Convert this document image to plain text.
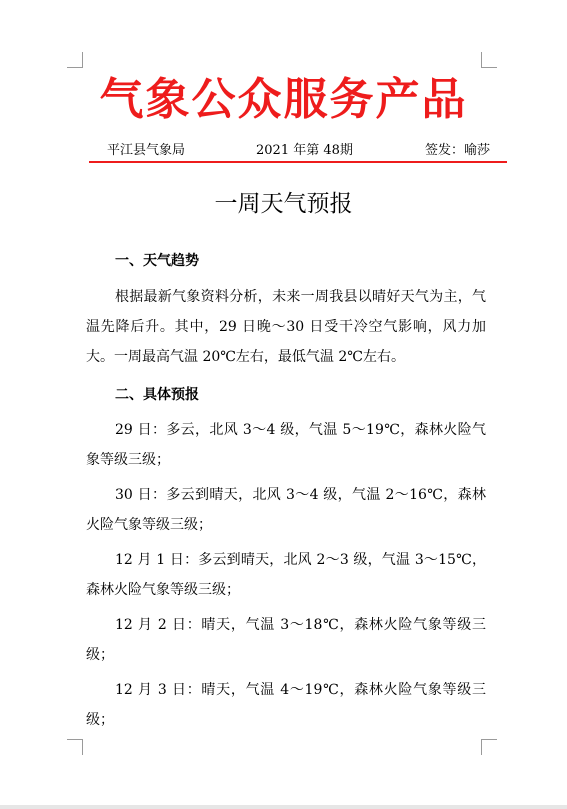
气象公众服务产品
平江县气象局	2021 年第 48期	签发：喻莎
一周天气预报
一、天气趋势
根据最新气象资料分析，未来一周我县以晴好天气为主，气温先降后升。其中，29 日晚～30 日受干冷空气影响，风力加大。一周最高气温 20℃左右，最低气温 2℃左右。
二、具体预报
29 日：多云，北风 3～4 级，气温 5～19℃，森林火险气象等级三级；
30 日：多云到晴天，北风 3～4 级，气温 2～16℃，森林火险气象等级三级；
12 月 1 日：多云到晴天，北风 2～3 级，气温 3～15℃，森林火险气象等级三级；
12 月 2 日：晴天，气温 3～18℃，森林火险气象等级三级；
12 月 3 日：晴天，气温 4～19℃，森林火险气象等级三级；
